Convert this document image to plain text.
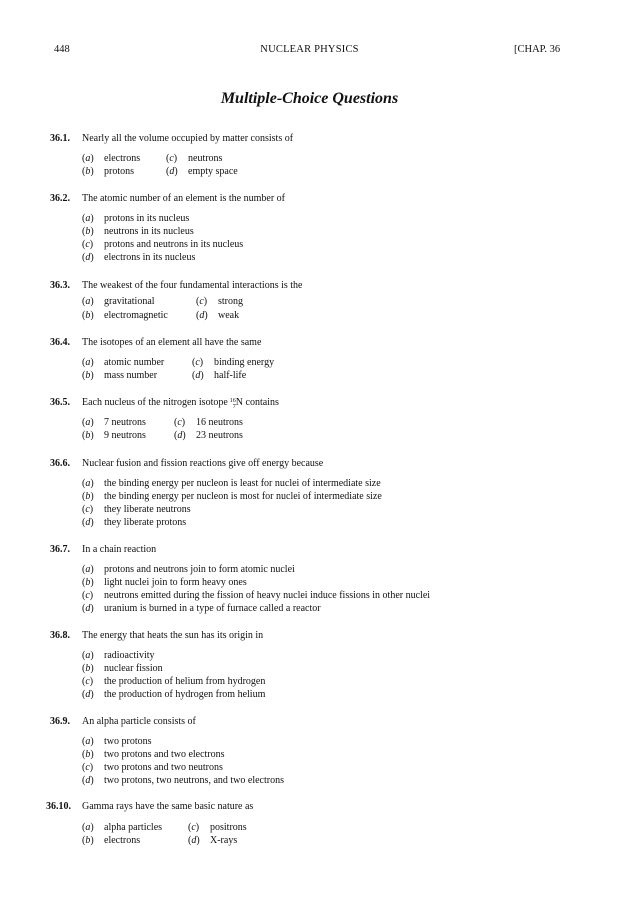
448	NUCLEAR PHYSICS	[CHAP. 36
Multiple-Choice Questions
36.1. Nearly all the volume occupied by matter consists of
(a) electrons	(c) neutrons
(b) protons	(d) empty space
36.2. The atomic number of an element is the number of
(a) protons in its nucleus
(b) neutrons in its nucleus
(c) protons and neutrons in its nucleus
(d) electrons in its nucleus
36.3. The weakest of the four fundamental interactions is the
(a) gravitational	(c) strong
(b) electromagnetic	(d) weak
36.4. The isotopes of an element all have the same
(a) atomic number	(c) binding energy
(b) mass number	(d) half-life
36.5. Each nucleus of the nitrogen isotope 16
7N contains
(a) 7 neutrons	(c) 16 neutrons
(b) 9 neutrons	(d) 23 neutrons
36.6. Nuclear fusion and fission reactions give off energy because
(a) the binding energy per nucleon is least for nuclei of intermediate size
(b) the binding energy per nucleon is most for nuclei of intermediate size
(c) they liberate neutrons
(d) they liberate protons
36.7. In a chain reaction
(a) protons and neutrons join to form atomic nuclei
(b) light nuclei join to form heavy ones
(c) neutrons emitted during the fission of heavy nuclei induce fissions in other nuclei
(d) uranium is burned in a type of furnace called a reactor
36.8. The energy that heats the sun has its origin in
(a) radioactivity
(b) nuclear fission
(c) the production of helium from hydrogen
(d) the production of hydrogen from helium
36.9. An alpha particle consists of
(a) two protons
(b) two protons and two electrons
(c) two protons and two neutrons
(d) two protons, two neutrons, and two electrons
36.10. Gamma rays have the same basic nature as
(a) alpha particles	(c) positrons
(b) electrons	(d) X-rays
